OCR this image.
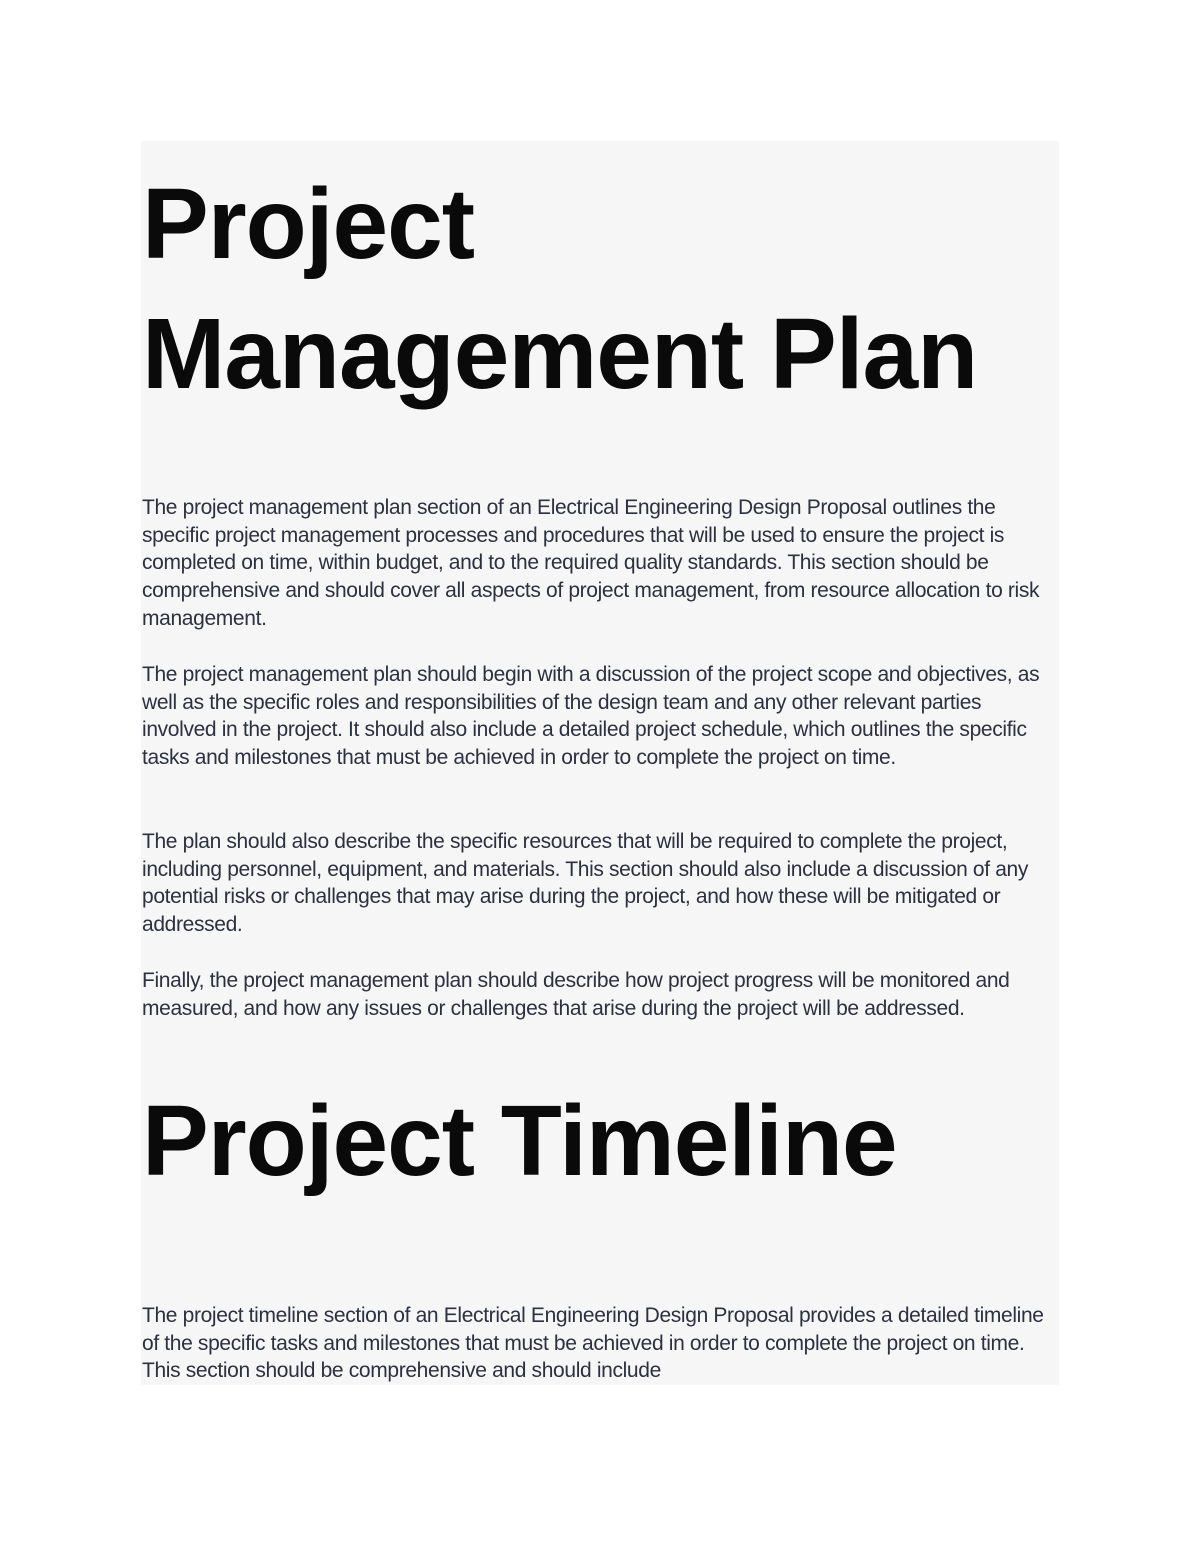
Project
Management Plan

The project management plan section of an Electrical Engineering Design Proposal outlines the specific project management processes and procedures that will be used to ensure the project is completed on time, within budget, and to the required quality standards. This section should be comprehensive and should cover all aspects of project management, from resource allocation to risk management.

The project management plan should begin with a discussion of the project scope and objectives, as well as the specific roles and responsibilities of the design team and any other relevant parties involved in the project. It should also include a detailed project schedule, which outlines the specific tasks and milestones that must be achieved in order to complete the project on time.

The plan should also describe the specific resources that will be required to complete the project, including personnel, equipment, and materials. This section should also include a discussion of any potential risks or challenges that may arise during the project, and how these will be mitigated or addressed.

Finally, the project management plan should describe how project progress will be monitored and measured, and how any issues or challenges that arise during the project will be addressed.

Project Timeline

The project timeline section of an Electrical Engineering Design Proposal provides a detailed timeline of the specific tasks and milestones that must be achieved in order to complete the project on time. This section should be comprehensive and should include
